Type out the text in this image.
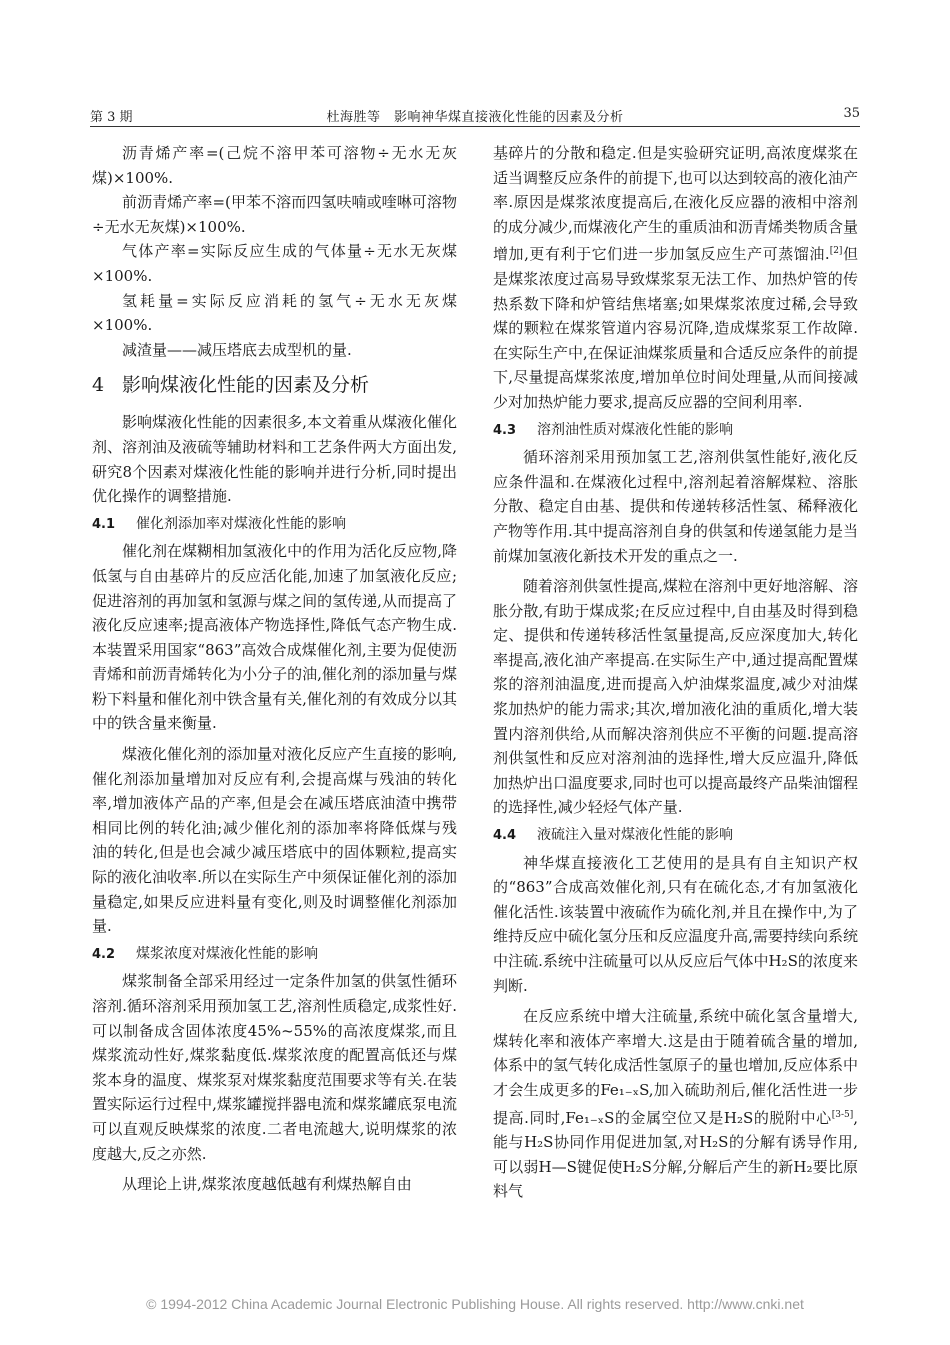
第 3 期	杜海胜等　影响神华煤直接液化性能的因素及分析	35

沥青烯产率=(己烷不溶甲苯可溶物÷无水无灰煤)×100%.

前沥青烯产率=(甲苯不溶而四氢呋喃或喹啉可溶物÷无水无灰煤)×100%.

气体产率=实际反应生成的气体量÷无水无灰煤×100%.

氢耗量=实际反应消耗的氢气÷无水无灰煤×100%.

减渣量——减压塔底去成型机的量.

4 影响煤液化性能的因素及分析

影响煤液化性能的因素很多,本文着重从煤液化催化剂、溶剂油及液硫等辅助材料和工艺条件两大方面出发,研究8个因素对煤液化性能的影响并进行分析,同时提出优化操作的调整措施.

4.1 催化剂添加率对煤液化性能的影响

催化剂在煤糊相加氢液化中的作用为活化反应物,降低氢与自由基碎片的反应活化能,加速了加氢液化反应;促进溶剂的再加氢和氢源与煤之间的氢传递,从而提高了液化反应速率;提高液体产物选择性,降低气态产物生成.本装置采用国家“863”高效合成煤催化剂,主要为促使沥青烯和前沥青烯转化为小分子的油,催化剂的添加量与煤粉下料量和催化剂中铁含量有关,催化剂的有效成分以其中的铁含量来衡量.

煤液化催化剂的添加量对液化反应产生直接的影响,催化剂添加量增加对反应有利,会提高煤与残油的转化率,增加液体产品的产率,但是会在减压塔底油渣中携带相同比例的转化油;减少催化剂的添加率将降低煤与残油的转化,但是也会减少减压塔底中的固体颗粒,提高实际的液化油收率.所以在实际生产中须保证催化剂的添加量稳定,如果反应进料量有变化,则及时调整催化剂添加量.

4.2 煤浆浓度对煤液化性能的影响

煤浆制备全部采用经过一定条件加氢的供氢性循环溶剂.循环溶剂采用预加氢工艺,溶剂性质稳定,成浆性好.可以制备成含固体浓度45%~55%的高浓度煤浆,而且煤浆流动性好,煤浆黏度低.煤浆浓度的配置高低还与煤浆本身的温度、煤浆泵对煤浆黏度范围要求等有关.在装置实际运行过程中,煤浆罐搅拌器电流和煤浆罐底泵电流可以直观反映煤浆的浓度.二者电流越大,说明煤浆的浓度越大,反之亦然.

从理论上讲,煤浆浓度越低越有利煤热解自由

基碎片的分散和稳定.但是实验研究证明,高浓度煤浆在适当调整反应条件的前提下,也可以达到较高的液化油产率.原因是煤浆浓度提高后,在液化反应器的液相中溶剂的成分减少,而煤液化产生的重质油和沥青烯类物质含量增加,更有利于它们进一步加氢反应生产可蒸馏油.[2]但是煤浆浓度过高易导致煤浆泵无法工作、加热炉管的传热系数下降和炉管结焦堵塞;如果煤浆浓度过稀,会导致煤的颗粒在煤浆管道内容易沉降,造成煤浆泵工作故障.在实际生产中,在保证油煤浆质量和合适反应条件的前提下,尽量提高煤浆浓度,增加单位时间处理量,从而间接减少对加热炉能力要求,提高反应器的空间利用率.

4.3 溶剂油性质对煤液化性能的影响

循环溶剂采用预加氢工艺,溶剂供氢性能好,液化反应条件温和.在煤液化过程中,溶剂起着溶解煤粒、溶胀分散、稳定自由基、提供和传递转移活性氢、稀释液化产物等作用.其中提高溶剂自身的供氢和传递氢能力是当前煤加氢液化新技术开发的重点之一.

随着溶剂供氢性提高,煤粒在溶剂中更好地溶解、溶胀分散,有助于煤成浆;在反应过程中,自由基及时得到稳定、提供和传递转移活性氢量提高,反应深度加大,转化率提高,液化油产率提高.在实际生产中,通过提高配置煤浆的溶剂油温度,进而提高入炉油煤浆温度,减少对油煤浆加热炉的能力需求;其次,增加液化油的重质化,增大装置内溶剂供给,从而解决溶剂供应不平衡的问题.提高溶剂供氢性和反应对溶剂油的选择性,增大反应温升,降低加热炉出口温度要求,同时也可以提高最终产品柴油馏程的选择性,减少轻烃气体产量.

4.4 液硫注入量对煤液化性能的影响

神华煤直接液化工艺使用的是具有自主知识产权的“863”合成高效催化剂,只有在硫化态,才有加氢液化催化活性.该装置中液硫作为硫化剂,并且在操作中,为了维持反应中硫化氢分压和反应温度升高,需要持续向系统中注硫.系统中注硫量可以从反应后气体中H₂S的浓度来判断.

在反应系统中增大注硫量,系统中硫化氢含量增大,煤转化率和液体产率增大.这是由于随着硫含量的增加,体系中的氢气转化成活性氢原子的量也增加,反应体系中才会生成更多的Fe₁₋ₓS,加入硫助剂后,催化活性进一步提高.同时,Fe₁₋ₓS的金属空位又是H₂S的脱附中心[3-5],能与H₂S协同作用促进加氢,对H₂S的分解有诱导作用,可以弱H—S键促使H₂S分解,分解后产生的新H₂要比原料气

© 1994-2012 China Academic Journal Electronic Publishing House. All rights reserved. http://www.cnki.net
